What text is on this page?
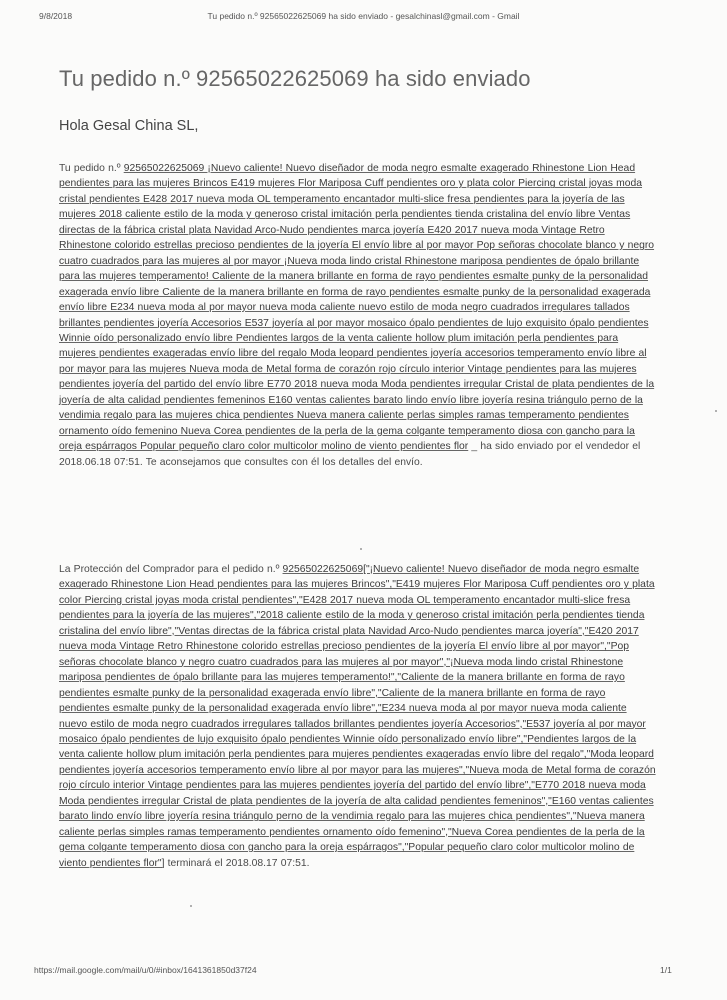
9/8/2018	Tu pedido n.º 92565022625069 ha sido enviado - gesalchinasl@gmail.com - Gmail
Tu pedido n.º 92565022625069 ha sido enviado

Hola Gesal China SL,

Tu pedido n.º 92565022625069 ¡Nuevo caliente! Nuevo diseñador de moda negro esmalte exagerado Rhinestone Lion Head pendientes para las mujeres Brincos E419 mujeres Flor Mariposa Cuff pendientes oro y plata color Piercing cristal joyas moda cristal pendientes E428 2017 nueva moda OL temperamento encantador multi-slice fresa pendientes para la joyería de las mujeres 2018 caliente estilo de la moda y generoso cristal imitación perla pendientes tienda cristalina del envío libre Ventas directas de la fábrica cristal plata Navidad Arco-Nudo pendientes marca joyería E420 2017 nueva moda Vintage Retro Rhinestone colorido estrellas precioso pendientes de la joyería El envío libre al por mayor Pop señoras chocolate blanco y negro cuatro cuadrados para las mujeres al por mayor ¡Nueva moda lindo cristal Rhinestone mariposa pendientes de ópalo brillante para las mujeres temperamento! Caliente de la manera brillante en forma de rayo pendientes esmalte punky de la personalidad exagerada envío libre Caliente de la manera brillante en forma de rayo pendientes esmalte punky de la personalidad exagerada envío libre E234 nueva moda al por mayor nueva moda caliente nuevo estilo de moda negro cuadrados irregulares tallados brillantes pendientes joyería Accesorios E537 joyería al por mayor mosaico ópalo pendientes de lujo exquisito ópalo pendientes Winnie oído personalizado envío libre Pendientes largos de la venta caliente hollow plum imitación perla pendientes para mujeres pendientes exageradas envío libre del regalo Moda leopard pendientes joyería accesorios temperamento envío libre al por mayor para las mujeres Nueva moda de Metal forma de corazón rojo círculo interior Vintage pendientes para las mujeres pendientes joyería del partido del envío libre E770 2018 nueva moda Moda pendientes irregular Cristal de plata pendientes de la joyería de alta calidad pendientes femeninos E160 ventas calientes barato lindo envío libre joyería resina triángulo perno de la vendimia regalo para las mujeres chica pendientes Nueva manera caliente perlas simples ramas temperamento pendientes ornamento oído femenino Nueva Corea pendientes de la perla de la gema colgante temperamento diosa con gancho para la oreja espárragos Popular pequeño claro color multicolor molino de viento pendientes flor _ ha sido enviado por el vendedor el 2018.06.18 07:51. Te aconsejamos que consultes con él los detalles del envío.

La Protección del Comprador para el pedido n.º 92565022625069["¡Nuevo caliente! Nuevo diseñador de moda negro esmalte exagerado Rhinestone Lion Head pendientes para las mujeres Brincos","E419 mujeres Flor Mariposa Cuff pendientes oro y plata color Piercing cristal joyas moda cristal pendientes","E428 2017 nueva moda OL temperamento encantador multi-slice fresa pendientes para la joyería de las mujeres","2018 caliente estilo de la moda y generoso cristal imitación perla pendientes tienda cristalina del envío libre","Ventas directas de la fábrica cristal plata Navidad Arco-Nudo pendientes marca joyería","E420 2017 nueva moda Vintage Retro Rhinestone colorido estrellas precioso pendientes de la joyería El envío libre al por mayor","Pop señoras chocolate blanco y negro cuatro cuadrados para las mujeres al por mayor","¡Nueva moda lindo cristal Rhinestone mariposa pendientes de ópalo brillante para las mujeres temperamento!","Caliente de la manera brillante en forma de rayo pendientes esmalte punky de la personalidad exagerada envío libre","Caliente de la manera brillante en forma de rayo pendientes esmalte punky de la personalidad exagerada envío libre","E234 nueva moda al por mayor nueva moda caliente nuevo estilo de moda negro cuadrados irregulares tallados brillantes pendientes joyería Accesorios","E537 joyería al por mayor mosaico ópalo pendientes de lujo exquisito ópalo pendientes Winnie oído personalizado envío libre","Pendientes largos de la venta caliente hollow plum imitación perla pendientes para mujeres pendientes exageradas envío libre del regalo","Moda leopard pendientes joyería accesorios temperamento envío libre al por mayor para las mujeres","Nueva moda de Metal forma de corazón rojo círculo interior Vintage pendientes para las mujeres pendientes joyería del partido del envío libre","E770 2018 nueva moda Moda pendientes irregular Cristal de plata pendientes de la joyería de alta calidad pendientes femeninos","E160 ventas calientes barato lindo envío libre joyería resina triángulo perno de la vendimia regalo para las mujeres chica pendientes","Nueva manera caliente perlas simples ramas temperamento pendientes ornamento oído femenino","Nueva Corea pendientes de la perla de la gema colgante temperamento diosa con gancho para la oreja espárragos","Popular pequeño claro color multicolor molino de viento pendientes flor"] terminará el 2018.08.17 07:51.

https://mail.google.com/mail/u/0/#inbox/1641361850d37f24	1/1
